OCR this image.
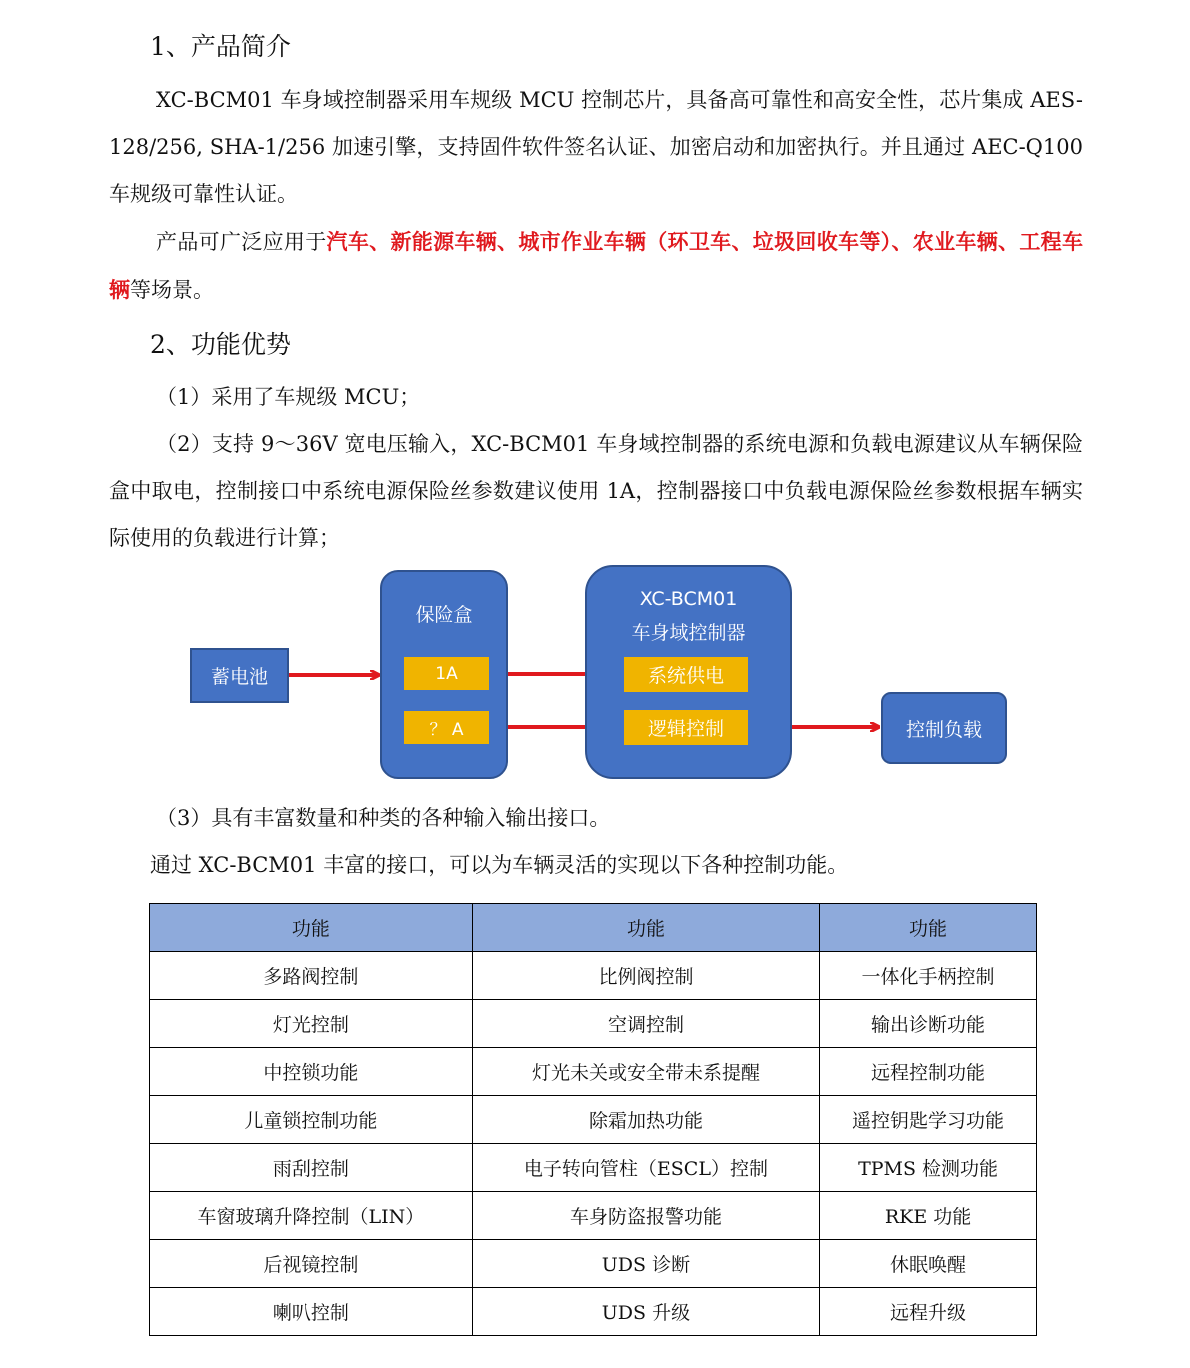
1、产品简介
XC-BCM01 车身域控制器采用车规级 MCU 控制芯片，具备高可靠性和高安全性，芯片集成 AES-128/256, SHA-1/256 加速引擎，支持固件软件签名认证、加密启动和加密执行。并且通过 AEC-Q100 车规级可靠性认证。
产品可广泛应用于汽车、新能源车辆、城市作业车辆（环卫车、垃圾回收车等）、农业车辆、工程车辆等场景。
2、功能优势
（1）采用了车规级 MCU；
（2）支持 9～36V 宽电压输入，XC-BCM01 车身域控制器的系统电源和负载电源建议从车辆保险盒中取电，控制接口中系统电源保险丝参数建议使用 1A，控制器接口中负载电源保险丝参数根据车辆实际使用的负载进行计算；
蓄电池
保险盒
1A
？ A
XC-BCM01
车身域控制器
系统供电
逻辑控制	控制负载
（3）具有丰富数量和种类的各种输入输出接口。
通过 XC-BCM01 丰富的接口，可以为车辆灵活的实现以下各种控制功能。
功能	功能	功能
多路阀控制	比例阀控制	一体化手柄控制
灯光控制	空调控制	输出诊断功能
中控锁功能	灯光未关或安全带未系提醒	远程控制功能
儿童锁控制功能	除霜加热功能	遥控钥匙学习功能
雨刮控制	电子转向管柱（ESCL）控制	TPMS 检测功能
车窗玻璃升降控制（LIN）	车身防盗报警功能	RKE 功能
后视镜控制	UDS 诊断	休眠唤醒
喇叭控制	UDS 升级	远程升级
